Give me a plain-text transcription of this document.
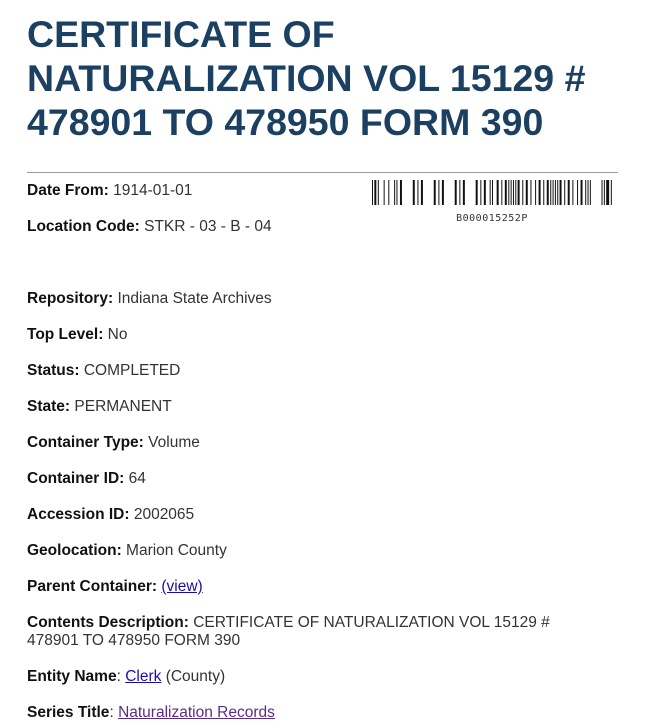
CERTIFICATE OF NATURALIZATION VOL 15129 # 478901 TO 478950 FORM 390
Date From: 1914-01-01
B000015252P
Location Code: STKR - 03 - B - 04
Repository: Indiana State Archives
Top Level: No
Status: COMPLETED
State: PERMANENT
Container Type: Volume
Container ID: 64
Accession ID: 2002065
Geolocation: Marion County
Parent Container: (view)
Contents Description: CERTIFICATE OF NATURALIZATION VOL 15129 # 478901 TO 478950 FORM 390
Entity Name: Clerk (County)
Series Title: Naturalization Records
